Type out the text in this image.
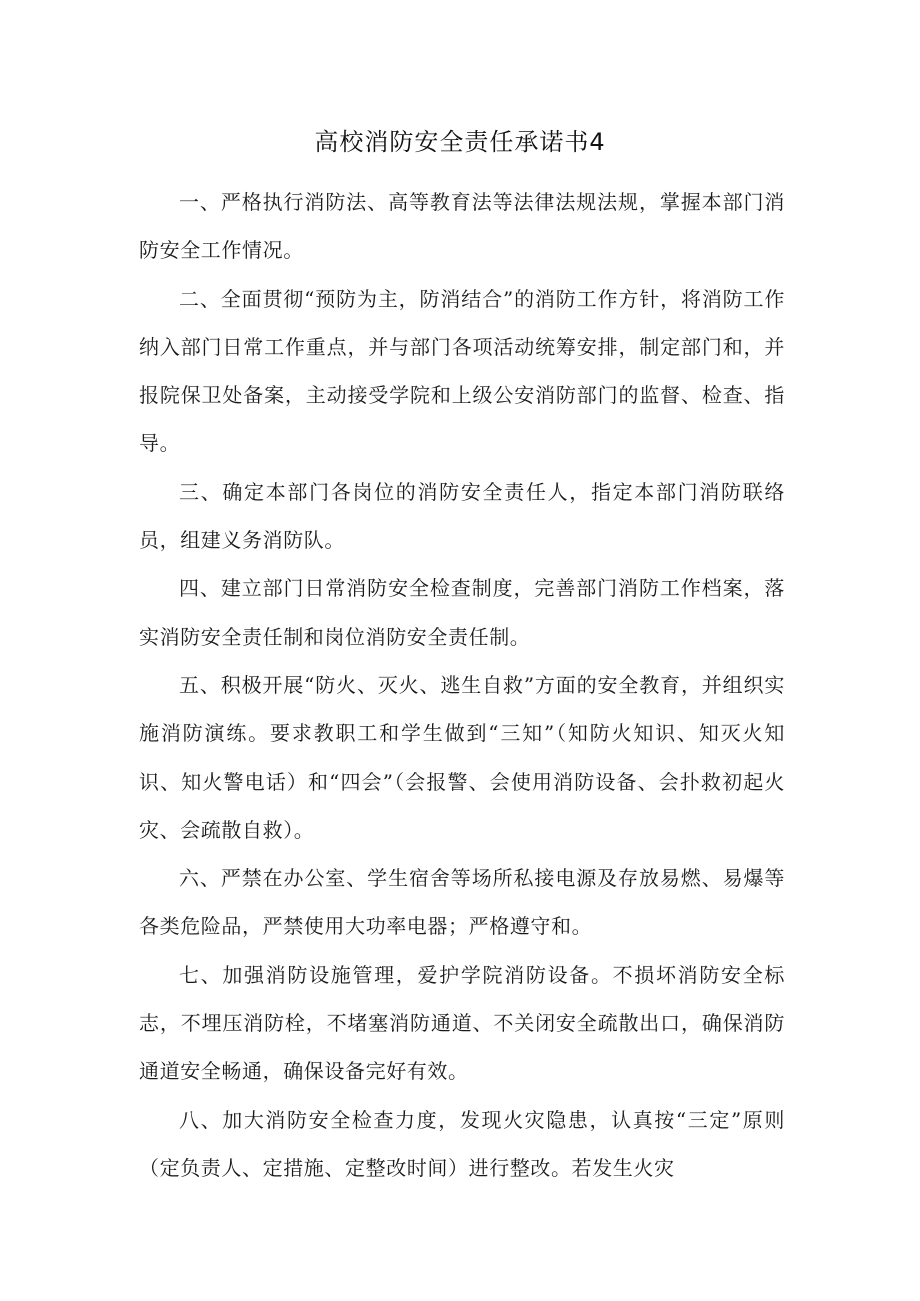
高校消防安全责任承诺书4

一、严格执行消防法、高等教育法等法律法规法规，掌握本部门消防安全工作情况。

二、全面贯彻“预防为主，防消结合”的消防工作方针，将消防工作纳入部门日常工作重点，并与部门各项活动统筹安排，制定部门和，并报院保卫处备案，主动接受学院和上级公安消防部门的监督、检查、指导。

三、确定本部门各岗位的消防安全责任人，指定本部门消防联络员，组建义务消防队。

四、建立部门日常消防安全检查制度，完善部门消防工作档案，落实消防安全责任制和岗位消防安全责任制。

五、积极开展“防火、灭火、逃生自救”方面的安全教育，并组织实施消防演练。要求教职工和学生做到“三知”（知防火知识、知灭火知识、知火警电话）和“四会”（会报警、会使用消防设备、会扑救初起火灾、会疏散自救）。

六、严禁在办公室、学生宿舍等场所私接电源及存放易燃、易爆等各类危险品，严禁使用大功率电器；严格遵守和。

七、加强消防设施管理，爱护学院消防设备。不损坏消防安全标志，不埋压消防栓，不堵塞消防通道、不关闭安全疏散出口，确保消防通道安全畅通，确保设备完好有效。

八、加大消防安全检查力度，发现火灾隐患，认真按“三定”原则（定负责人、定措施、定整改时间）进行整改。若发生火灾
